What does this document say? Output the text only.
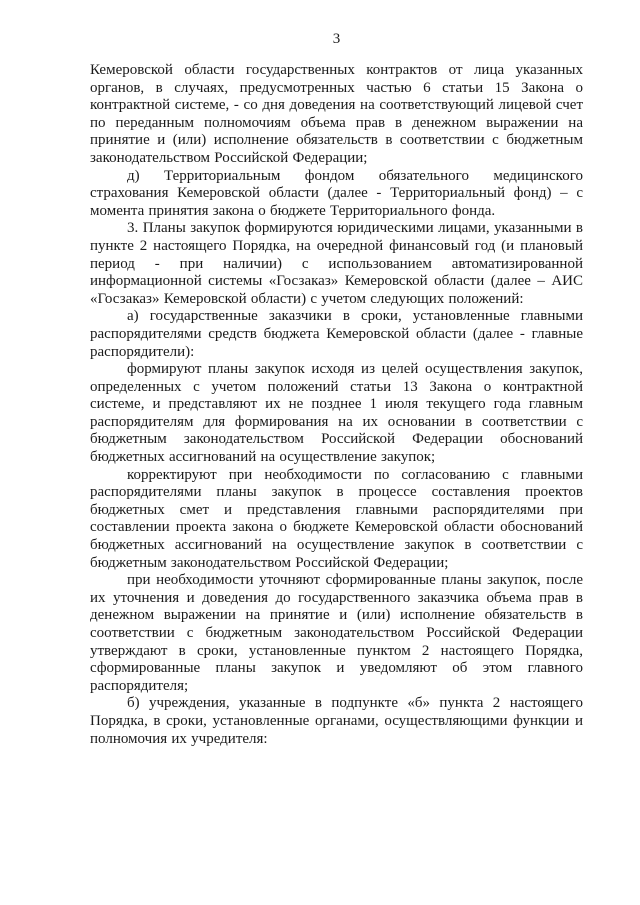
3

Кемеровской области государственных контрактов от лица указанных органов, в случаях, предусмотренных частью 6 статьи 15 Закона о контрактной системе, - со дня доведения на соответствующий лицевой счет по переданным полномочиям объема прав в денежном выражении на принятие и (или) исполнение обязательств в соответствии с бюджетным законодательством Российской Федерации;

д) Территориальным фондом обязательного медицинского страхования Кемеровской области (далее - Территориальный фонд) – с момента принятия закона о бюджете Территориального фонда.

3. Планы закупок формируются юридическими лицами, указанными в пункте 2 настоящего Порядка, на очередной финансовый год (и плановый период - при наличии) с использованием автоматизированной информационной системы «Госзаказ» Кемеровской области (далее – АИС «Госзаказ» Кемеровской области) с учетом следующих положений:

а) государственные заказчики в сроки, установленные главными распорядителями средств бюджета Кемеровской области (далее - главные распорядители):

формируют планы закупок исходя из целей осуществления закупок, определенных с учетом положений статьи 13 Закона о контрактной системе, и представляют их не позднее 1 июля текущего года главным распорядителям для формирования на их основании в соответствии с бюджетным законодательством Российской Федерации обоснований бюджетных ассигнований на осуществление закупок;

корректируют при необходимости по согласованию с главными распорядителями планы закупок в процессе составления проектов бюджетных смет и представления главными распорядителями при составлении проекта закона о бюджете Кемеровской области обоснований бюджетных ассигнований на осуществление закупок в соответствии с бюджетным законодательством Российской Федерации;

при необходимости уточняют сформированные планы закупок, после их уточнения и доведения до государственного заказчика объема прав в денежном выражении на принятие и (или) исполнение обязательств в соответствии с бюджетным законодательством Российской Федерации утверждают в сроки, установленные пунктом 2 настоящего Порядка, сформированные планы закупок и уведомляют об этом главного распорядителя;

б) учреждения, указанные в подпункте «б» пункта 2 настоящего Порядка, в сроки, установленные органами, осуществляющими функции и полномочия их учредителя:
